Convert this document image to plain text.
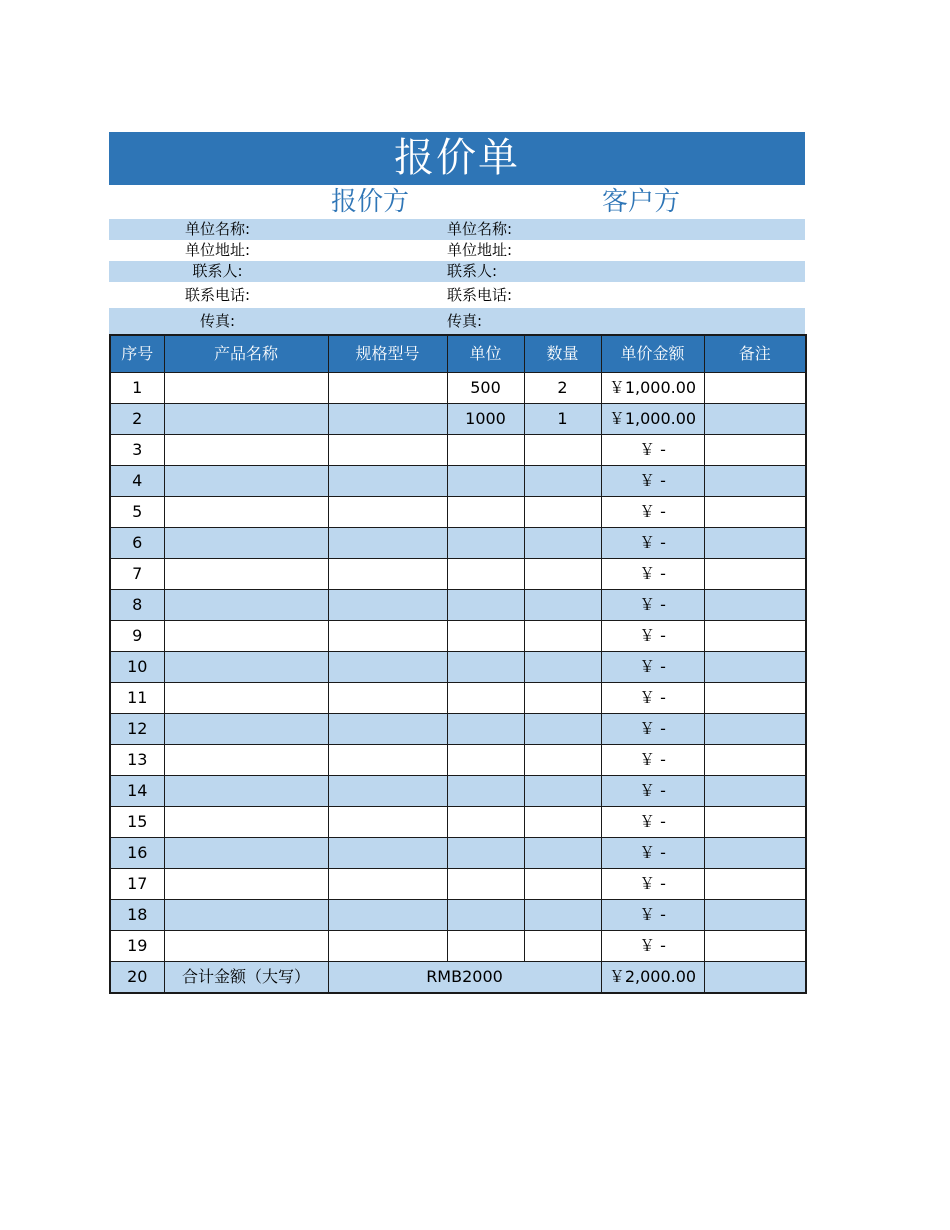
报价单
报价方	客户方
单位名称:	单位名称:
单位地址:	单位地址:
联系人:	联系人:
联系电话:	联系电话:
传真:	传真:
序号	产品名称	规格型号	单位	数量	单价金额	备注
1			500	2	￥1,000.00	
2			1000	1	￥1,000.00	
3					￥ -	
4					￥ -	
5					￥ -	
6					￥ -	
7					￥ -	
8					￥ -	
9					￥ -	
10					￥ -	
11					￥ -	
12					￥ -	
13					￥ -	
14					￥ -	
15					￥ -	
16					￥ -	
17					￥ -	
18					￥ -	
19					￥ -	
20	合计金额（大写）	RMB2000			￥2,000.00	
